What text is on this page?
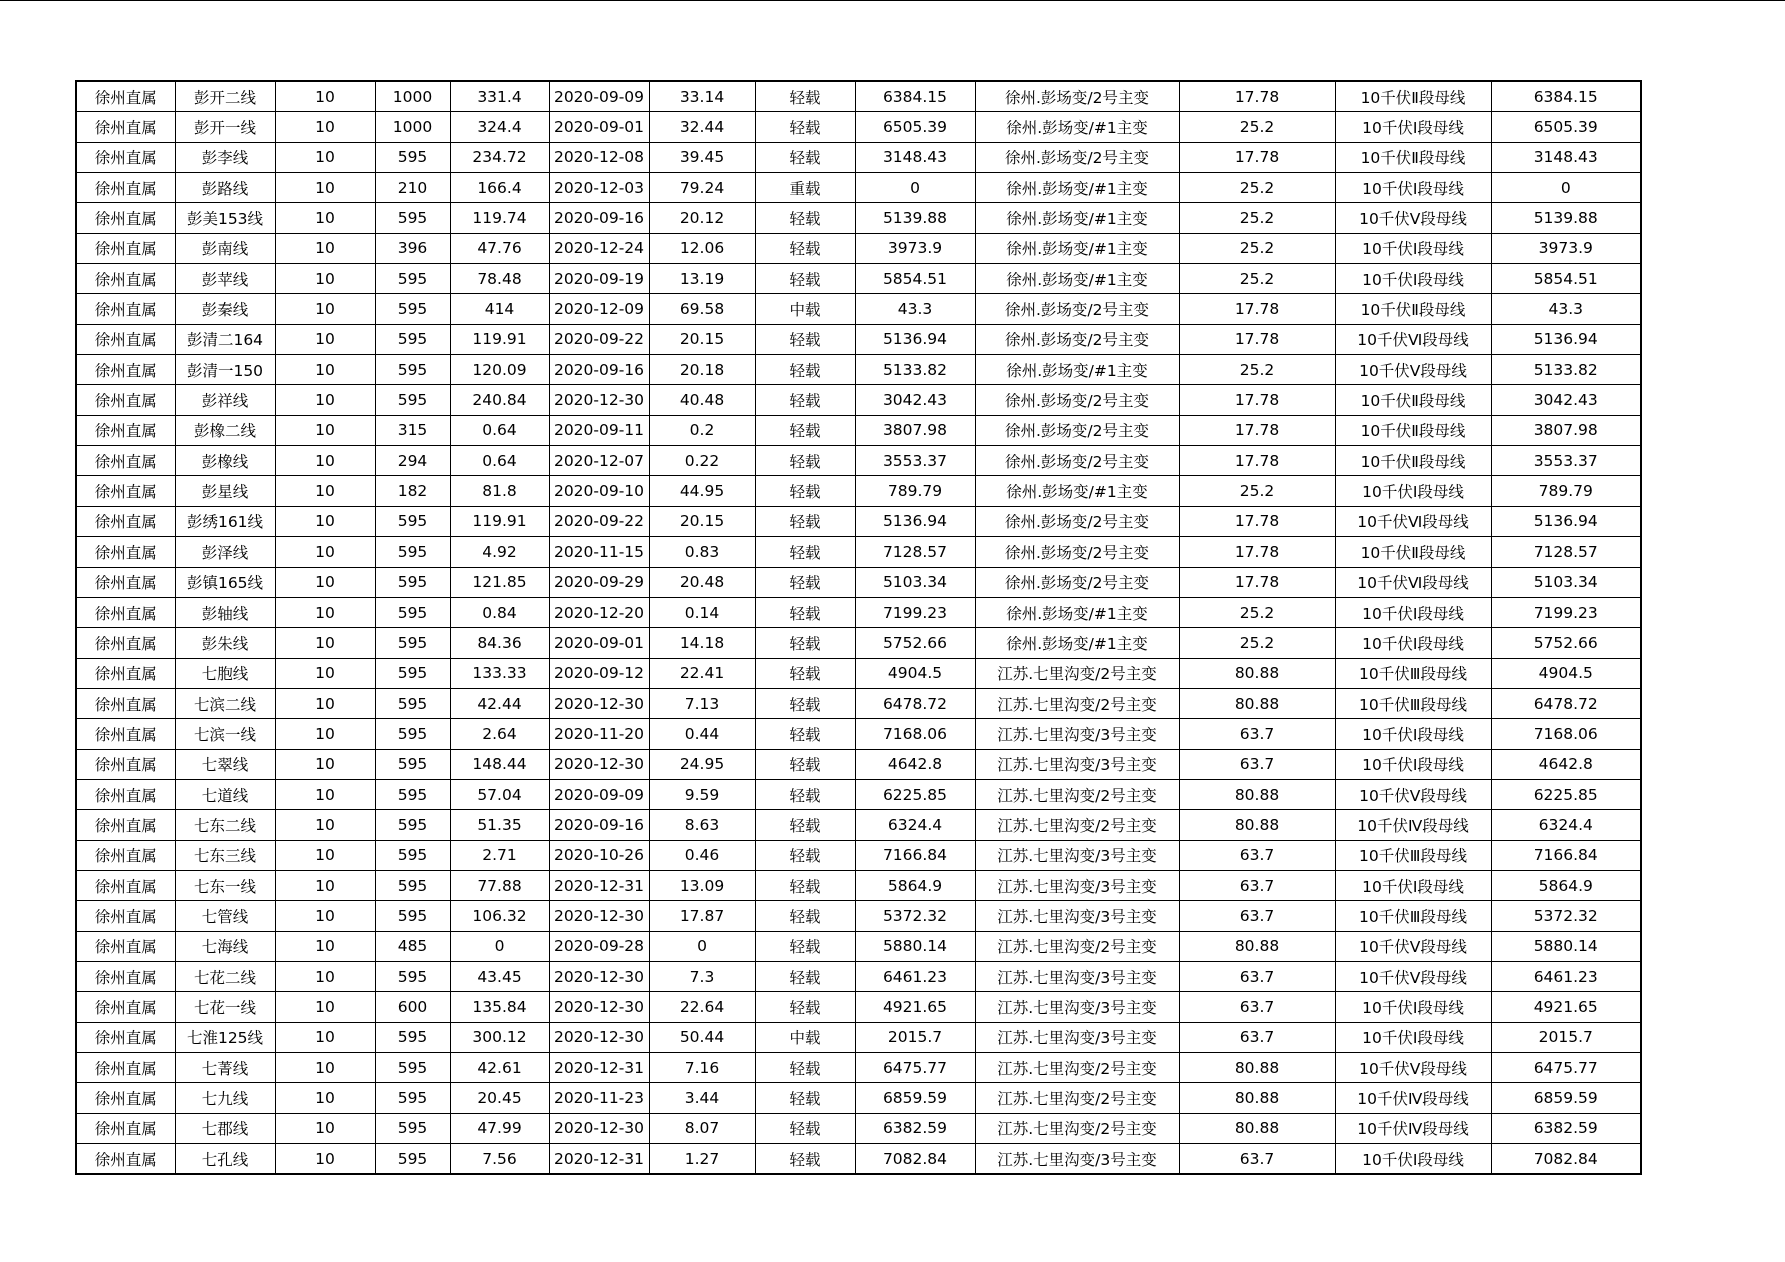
徐州直属	彭开二线	10	1000	331.4	2020-09-09	33.14	轻载	6384.15	徐州.彭场变/2号主变	17.78	10千伏Ⅱ段母线	6384.15
徐州直属	彭开一线	10	1000	324.4	2020-09-01	32.44	轻载	6505.39	徐州.彭场变/#1主变	25.2	10千伏Ⅰ段母线	6505.39
徐州直属	彭李线	10	595	234.72	2020-12-08	39.45	轻载	3148.43	徐州.彭场变/2号主变	17.78	10千伏Ⅱ段母线	3148.43
徐州直属	彭路线	10	210	166.4	2020-12-03	79.24	重载	0	徐州.彭场变/#1主变	25.2	10千伏Ⅰ段母线	0
徐州直属	彭美153线	10	595	119.74	2020-09-16	20.12	轻载	5139.88	徐州.彭场变/#1主变	25.2	10千伏Ⅴ段母线	5139.88
徐州直属	彭南线	10	396	47.76	2020-12-24	12.06	轻载	3973.9	徐州.彭场变/#1主变	25.2	10千伏Ⅰ段母线	3973.9
徐州直属	彭苹线	10	595	78.48	2020-09-19	13.19	轻载	5854.51	徐州.彭场变/#1主变	25.2	10千伏Ⅰ段母线	5854.51
徐州直属	彭秦线	10	595	414	2020-12-09	69.58	中载	43.3	徐州.彭场变/2号主变	17.78	10千伏Ⅱ段母线	43.3
徐州直属	彭清二164	10	595	119.91	2020-09-22	20.15	轻载	5136.94	徐州.彭场变/2号主变	17.78	10千伏Ⅵ段母线	5136.94
徐州直属	彭清一150	10	595	120.09	2020-09-16	20.18	轻载	5133.82	徐州.彭场变/#1主变	25.2	10千伏Ⅴ段母线	5133.82
徐州直属	彭祥线	10	595	240.84	2020-12-30	40.48	轻载	3042.43	徐州.彭场变/2号主变	17.78	10千伏Ⅱ段母线	3042.43
徐州直属	彭橡二线	10	315	0.64	2020-09-11	0.2	轻载	3807.98	徐州.彭场变/2号主变	17.78	10千伏Ⅱ段母线	3807.98
徐州直属	彭橡线	10	294	0.64	2020-12-07	0.22	轻载	3553.37	徐州.彭场变/2号主变	17.78	10千伏Ⅱ段母线	3553.37
徐州直属	彭星线	10	182	81.8	2020-09-10	44.95	轻载	789.79	徐州.彭场变/#1主变	25.2	10千伏Ⅰ段母线	789.79
徐州直属	彭绣161线	10	595	119.91	2020-09-22	20.15	轻载	5136.94	徐州.彭场变/2号主变	17.78	10千伏Ⅵ段母线	5136.94
徐州直属	彭泽线	10	595	4.92	2020-11-15	0.83	轻载	7128.57	徐州.彭场变/2号主变	17.78	10千伏Ⅱ段母线	7128.57
徐州直属	彭镇165线	10	595	121.85	2020-09-29	20.48	轻载	5103.34	徐州.彭场变/2号主变	17.78	10千伏Ⅵ段母线	5103.34
徐州直属	彭轴线	10	595	0.84	2020-12-20	0.14	轻载	7199.23	徐州.彭场变/#1主变	25.2	10千伏Ⅰ段母线	7199.23
徐州直属	彭朱线	10	595	84.36	2020-09-01	14.18	轻载	5752.66	徐州.彭场变/#1主变	25.2	10千伏Ⅰ段母线	5752.66
徐州直属	七胞线	10	595	133.33	2020-09-12	22.41	轻载	4904.5	江苏.七里沟变/2号主变	80.88	10千伏Ⅲ段母线	4904.5
徐州直属	七滨二线	10	595	42.44	2020-12-30	7.13	轻载	6478.72	江苏.七里沟变/2号主变	80.88	10千伏Ⅲ段母线	6478.72
徐州直属	七滨一线	10	595	2.64	2020-11-20	0.44	轻载	7168.06	江苏.七里沟变/3号主变	63.7	10千伏Ⅰ段母线	7168.06
徐州直属	七翠线	10	595	148.44	2020-12-30	24.95	轻载	4642.8	江苏.七里沟变/3号主变	63.7	10千伏Ⅰ段母线	4642.8
徐州直属	七道线	10	595	57.04	2020-09-09	9.59	轻载	6225.85	江苏.七里沟变/2号主变	80.88	10千伏Ⅴ段母线	6225.85
徐州直属	七东二线	10	595	51.35	2020-09-16	8.63	轻载	6324.4	江苏.七里沟变/2号主变	80.88	10千伏Ⅳ段母线	6324.4
徐州直属	七东三线	10	595	2.71	2020-10-26	0.46	轻载	7166.84	江苏.七里沟变/3号主变	63.7	10千伏Ⅲ段母线	7166.84
徐州直属	七东一线	10	595	77.88	2020-12-31	13.09	轻载	5864.9	江苏.七里沟变/3号主变	63.7	10千伏Ⅰ段母线	5864.9
徐州直属	七管线	10	595	106.32	2020-12-30	17.87	轻载	5372.32	江苏.七里沟变/3号主变	63.7	10千伏Ⅲ段母线	5372.32
徐州直属	七海线	10	485	0	2020-09-28	0	轻载	5880.14	江苏.七里沟变/2号主变	80.88	10千伏Ⅴ段母线	5880.14
徐州直属	七花二线	10	595	43.45	2020-12-30	7.3	轻载	6461.23	江苏.七里沟变/3号主变	63.7	10千伏Ⅴ段母线	6461.23
徐州直属	七花一线	10	600	135.84	2020-12-30	22.64	轻载	4921.65	江苏.七里沟变/3号主变	63.7	10千伏Ⅰ段母线	4921.65
徐州直属	七淮125线	10	595	300.12	2020-12-30	50.44	中载	2015.7	江苏.七里沟变/3号主变	63.7	10千伏Ⅰ段母线	2015.7
徐州直属	七菁线	10	595	42.61	2020-12-31	7.16	轻载	6475.77	江苏.七里沟变/2号主变	80.88	10千伏Ⅴ段母线	6475.77
徐州直属	七九线	10	595	20.45	2020-11-23	3.44	轻载	6859.59	江苏.七里沟变/2号主变	80.88	10千伏Ⅳ段母线	6859.59
徐州直属	七郡线	10	595	47.99	2020-12-30	8.07	轻载	6382.59	江苏.七里沟变/2号主变	80.88	10千伏Ⅳ段母线	6382.59
徐州直属	七孔线	10	595	7.56	2020-12-31	1.27	轻载	7082.84	江苏.七里沟变/3号主变	63.7	10千伏Ⅰ段母线	7082.84
